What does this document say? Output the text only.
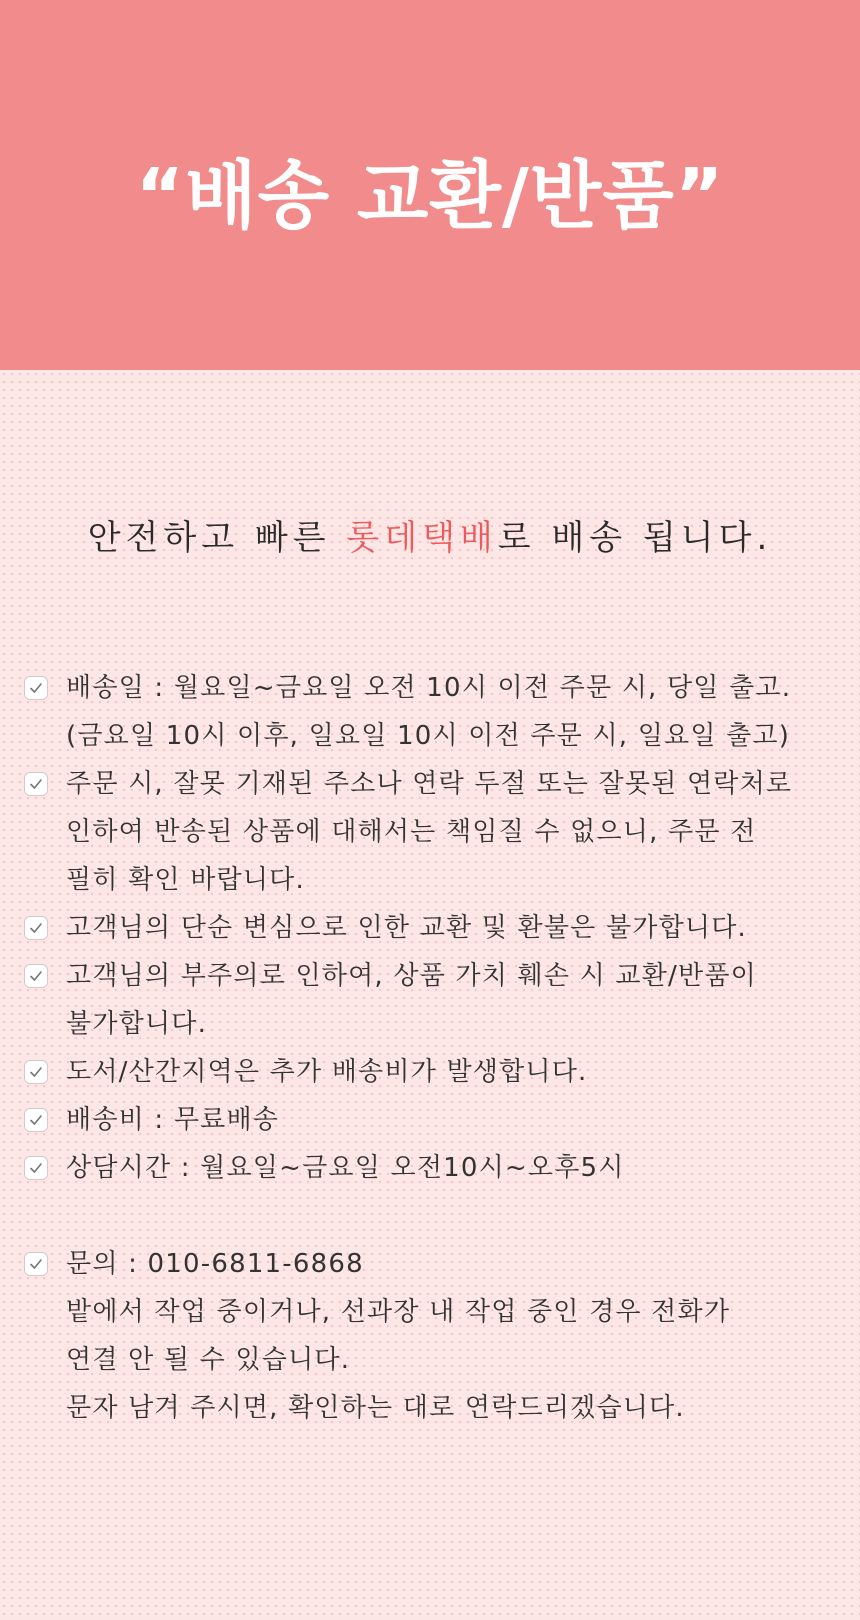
“배송 교환/반품”
안전하고 빠른 롯데택배로 배송 됩니다.
배송일 : 월요일~금요일 오전 10시 이전 주문 시, 당일 출고.
(금요일 10시 이후, 일요일 10시 이전 주문 시, 일요일 출고)
주문 시, 잘못 기재된 주소나 연락 두절 또는 잘못된 연락처로
인하여 반송된 상품에 대해서는 책임질 수 없으니, 주문 전
필히 확인 바랍니다.
고객님의 단순 변심으로 인한 교환 및 환불은 불가합니다.
고객님의 부주의로 인하여, 상품 가치 훼손 시 교환/반품이
불가합니다.
도서/산간지역은 추가 배송비가 발생합니다.
배송비 : 무료배송
상담시간 : 월요일~금요일 오전10시~오후5시
문의 : 010-6811-6868
밭에서 작업 중이거나, 선과장 내 작업 중인 경우 전화가
연결 안 될 수 있습니다.
문자 남겨 주시면, 확인하는 대로 연락드리겠습니다.
